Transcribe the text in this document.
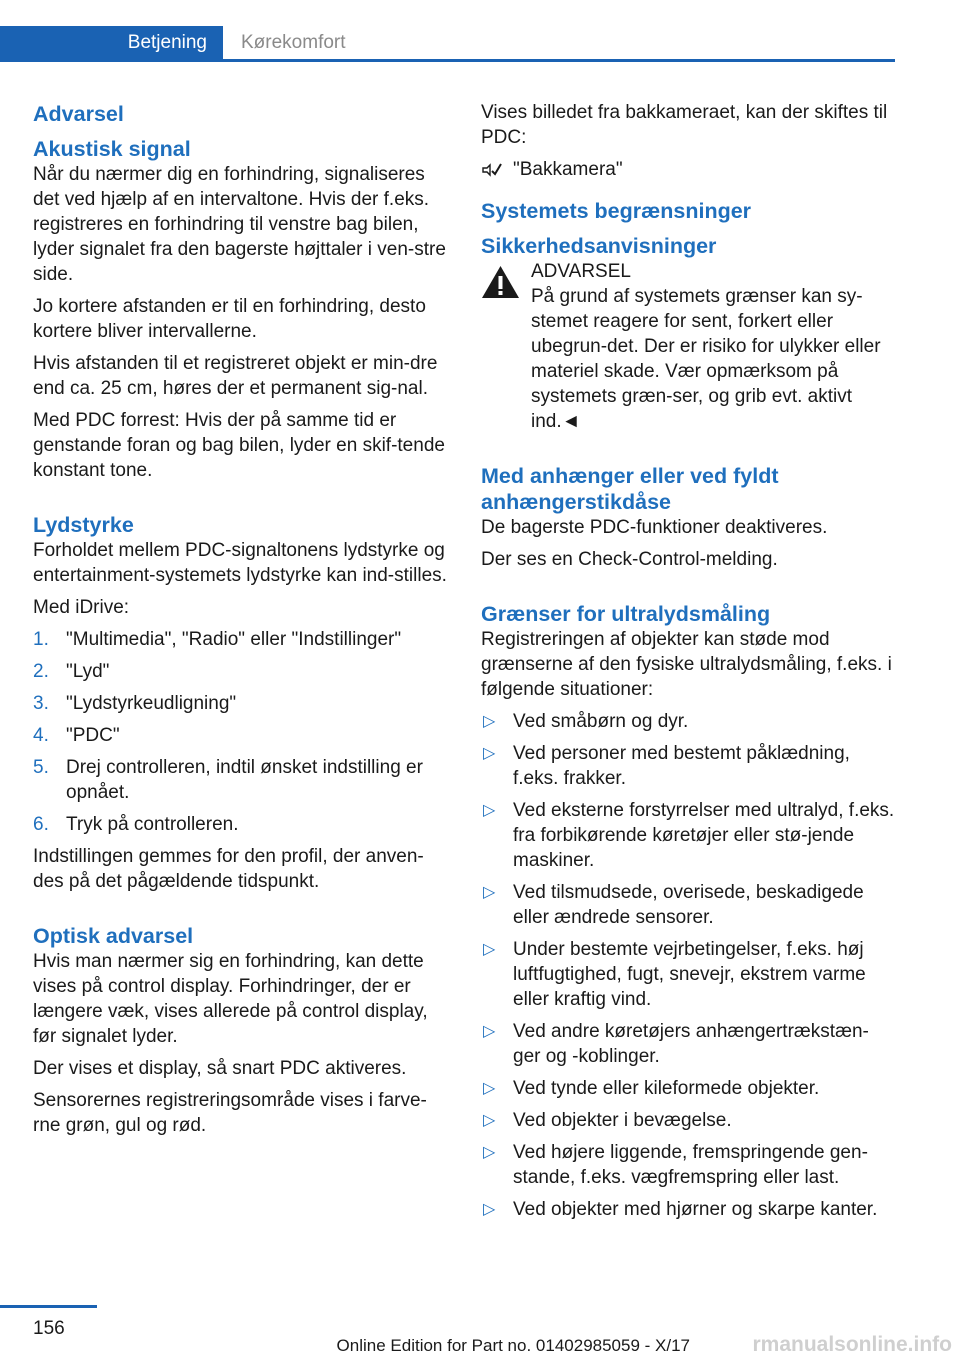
Betjening	Kørekomfort
Advarsel
Akustisk signal

Når du nærmer dig en forhindring, signaliseres det ved hjælp af en intervaltone. Hvis der f.eks. registreres en forhindring til venstre bag bilen, lyder signalet fra den bagerste højttaler i ven-stre side.

Jo kortere afstanden er til en forhindring, desto kortere bliver intervallerne.

Hvis afstanden til et registreret objekt er min-dre end ca. 25 cm, høres der et permanent sig-nal.

Med PDC forrest: Hvis der på samme tid er genstande foran og bag bilen, lyder en skif-tende konstant tone.

Lydstyrke

Forholdet mellem PDC-signaltonens lydstyrke og entertainment-systemets lydstyrke kan ind-stilles.

Med iDrive:

1. "Multimedia", "Radio" eller "Indstillinger"
2. "Lyd"
3. "Lydstyrkeudligning"
4. "PDC"
5. Drej controlleren, indtil ønsket indstilling er opnået.
6. Tryk på controlleren.

Indstillingen gemmes for den profil, der anven-des på det pågældende tidspunkt.

Optisk advarsel

Hvis man nærmer sig en forhindring, kan dette vises på control display. Forhindringer, der er længere væk, vises allerede på control display, før signalet lyder.

Der vises et display, så snart PDC aktiveres.

Sensorernes registreringsområde vises i farve-rne grøn, gul og rød.

Vises billedet fra bakkameraet, kan der skiftes til PDC:

"Bakkamera"
Systemets begrænsninger
Sikkerhedsanvisninger
ADVARSEL

På grund af systemets grænser kan sy-stemet reagere for sent, forkert eller ubegrun-det. Der er risiko for ulykker eller materiel skade. Vær opmærksom på systemets græn-ser, og grib evt. aktivt ind.◄

Med anhænger eller ved fyldt anhængerstikdåse

De bagerste PDC-funktioner deaktiveres.

Der ses en Check-Control-melding.

Grænser for ultralydsmåling

Registreringen af objekter kan støde mod grænserne af den fysiske ultralydsmåling, f.eks. i følgende situationer:

▷ Ved småbørn og dyr.
▷ Ved personer med bestemt påklædning, f.eks. frakker.
▷ Ved eksterne forstyrrelser med ultralyd, f.eks. fra forbikørende køretøjer eller stø-jende maskiner.
▷ Ved tilsmudsede, overisede, beskadigede eller ændrede sensorer.
▷ Under bestemte vejrbetingelser, f.eks. høj luftfugtighed, fugt, snevejr, ekstrem varme eller kraftig vind.
▷ Ved andre køretøjers anhængertrækstæn-ger og -koblinger.
▷ Ved tynde eller kileformede objekter.
▷ Ved objekter i bevægelse.
▷ Ved højere liggende, fremspringende gen-stande, f.eks. vægfremspring eller last.
▷ Ved objekter med hjørner og skarpe kanter.
156
Online Edition for Part no. 01402985059 - X/17	rmanualsonline.info
